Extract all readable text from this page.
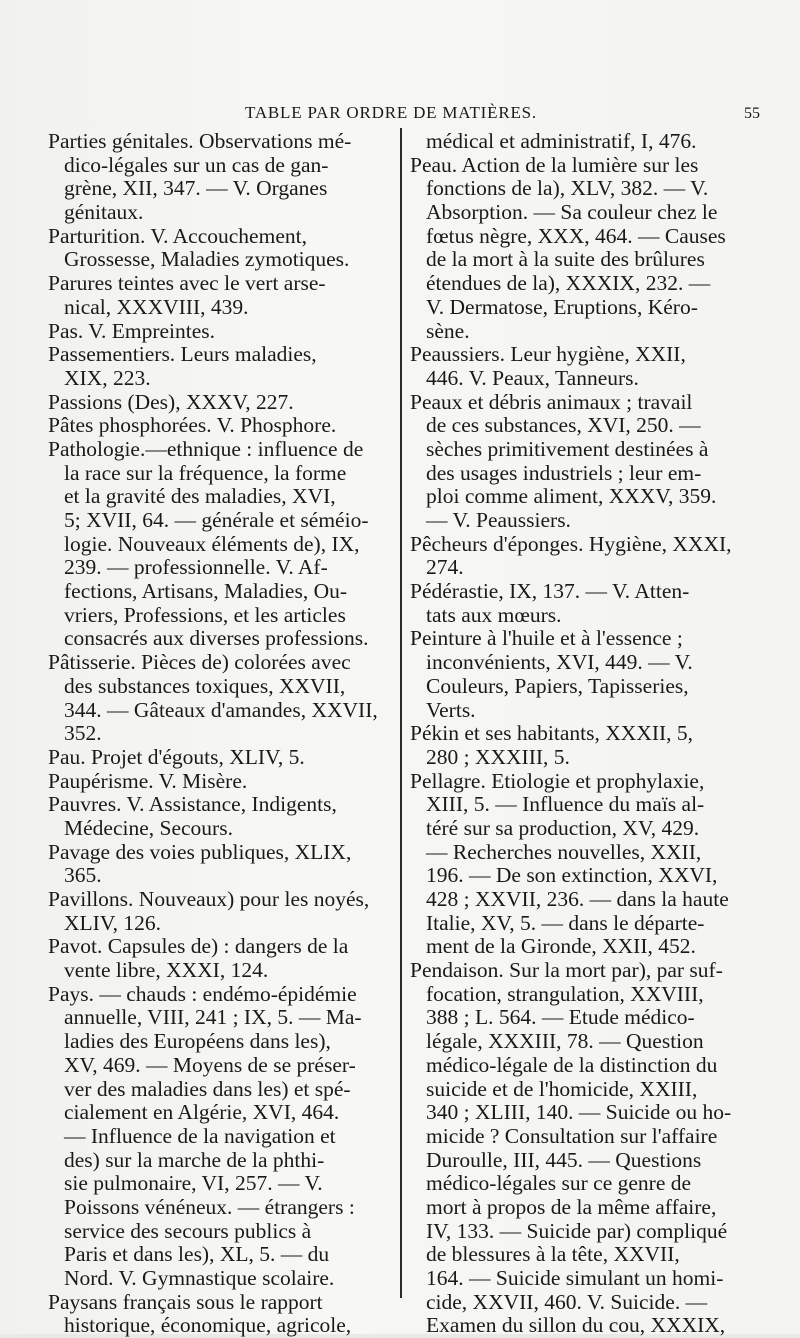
TABLE PAR ORDRE DE MATIÈRES.	55

Parties génitales. Observations mé-
dico-légales sur un cas de gan-
grène, XII, 347. — V. Organes
génitaux.

Parturition. V. Accouchement,
Grossesse, Maladies zymotiques.

Parures teintes avec le vert arse-
nical, XXXVIII, 439.

Pas. V. Empreintes.

Passementiers. Leurs maladies,
XIX, 223.

Passions (Des), XXXV, 227.

Pâtes phosphorées. V. Phosphore.

Pathologie.—ethnique : influence de
la race sur la fréquence, la forme
et la gravité des maladies, XVI,
5; XVII, 64. — générale et séméio-
logie. Nouveaux éléments de), IX,
239. — professionnelle. V. Af-
fections, Artisans, Maladies, Ou-
vriers, Professions, et les articles
consacrés aux diverses professions.

Pâtisserie. Pièces de) colorées avec
des substances toxiques, XXVII,
344. — Gâteaux d'amandes, XXVII,
352.

Pau. Projet d'égouts, XLIV, 5.

Paupérisme. V. Misère.

Pauvres. V. Assistance, Indigents,
Médecine, Secours.

Pavage des voies publiques, XLIX,
365.

Pavillons. Nouveaux) pour les noyés,
XLIV, 126.

Pavot. Capsules de) : dangers de la
vente libre, XXXI, 124.

Pays. — chauds : endémo-épidémie
annuelle, VIII, 241 ; IX, 5. — Ma-
ladies des Européens dans les),
XV, 469. — Moyens de se préser-
ver des maladies dans les) et spé-
cialement en Algérie, XVI, 464.
— Influence de la navigation et
des) sur la marche de la phthi-
sie pulmonaire, VI, 257. — V.
Poissons vénéneux. — étrangers :
service des secours publics à
Paris et dans les), XL, 5. — du
Nord. V. Gymnastique scolaire.

Paysans français sous le rapport
historique, économique, agricole,

médical et administratif, I, 476.

Peau. Action de la lumière sur les
fonctions de la), XLV, 382. — V.
Absorption. — Sa couleur chez le
fœtus nègre, XXX, 464. — Causes
de la mort à la suite des brûlures
étendues de la), XXXIX, 232. —
V. Dermatose, Eruptions, Kéro-
sène.

Peaussiers. Leur hygiène, XXII,
446. V. Peaux, Tanneurs.

Peaux et débris animaux ; travail
de ces substances, XVI, 250. —
sèches primitivement destinées à
des usages industriels ; leur em-
ploi comme aliment, XXXV, 359.
— V. Peaussiers.

Pêcheurs d'éponges. Hygiène, XXXI,
274.

Pédérastie, IX, 137. — V. Atten-
tats aux mœurs.

Peinture à l'huile et à l'essence ;
inconvénients, XVI, 449. — V.
Couleurs, Papiers, Tapisseries,
Verts.

Pékin et ses habitants, XXXII, 5,
280 ; XXXIII, 5.

Pellagre. Etiologie et prophylaxie,
XIII, 5. — Influence du maïs al-
téré sur sa production, XV, 429.
— Recherches nouvelles, XXII,
196. — De son extinction, XXVI,
428 ; XXVII, 236. — dans la haute
Italie, XV, 5. — dans le départe-
ment de la Gironde, XXII, 452.

Pendaison. Sur la mort par), par suf-
focation, strangulation, XXVIII,
388 ; L. 564. — Etude médico-
légale, XXXIII, 78. — Question
médico-légale de la distinction du
suicide et de l'homicide, XXIII,
340 ; XLIII, 140. — Suicide ou ho-
micide ? Consultation sur l'affaire
Duroulle, III, 445. — Questions
médico-légales sur ce genre de
mort à propos de la même affaire,
IV, 133. — Suicide par) compliqué
de blessures à la tête, XXVII,
164. — Suicide simulant un homi-
cide, XXVII, 460. V. Suicide. —
Examen du sillon du cou, XXXIX,
